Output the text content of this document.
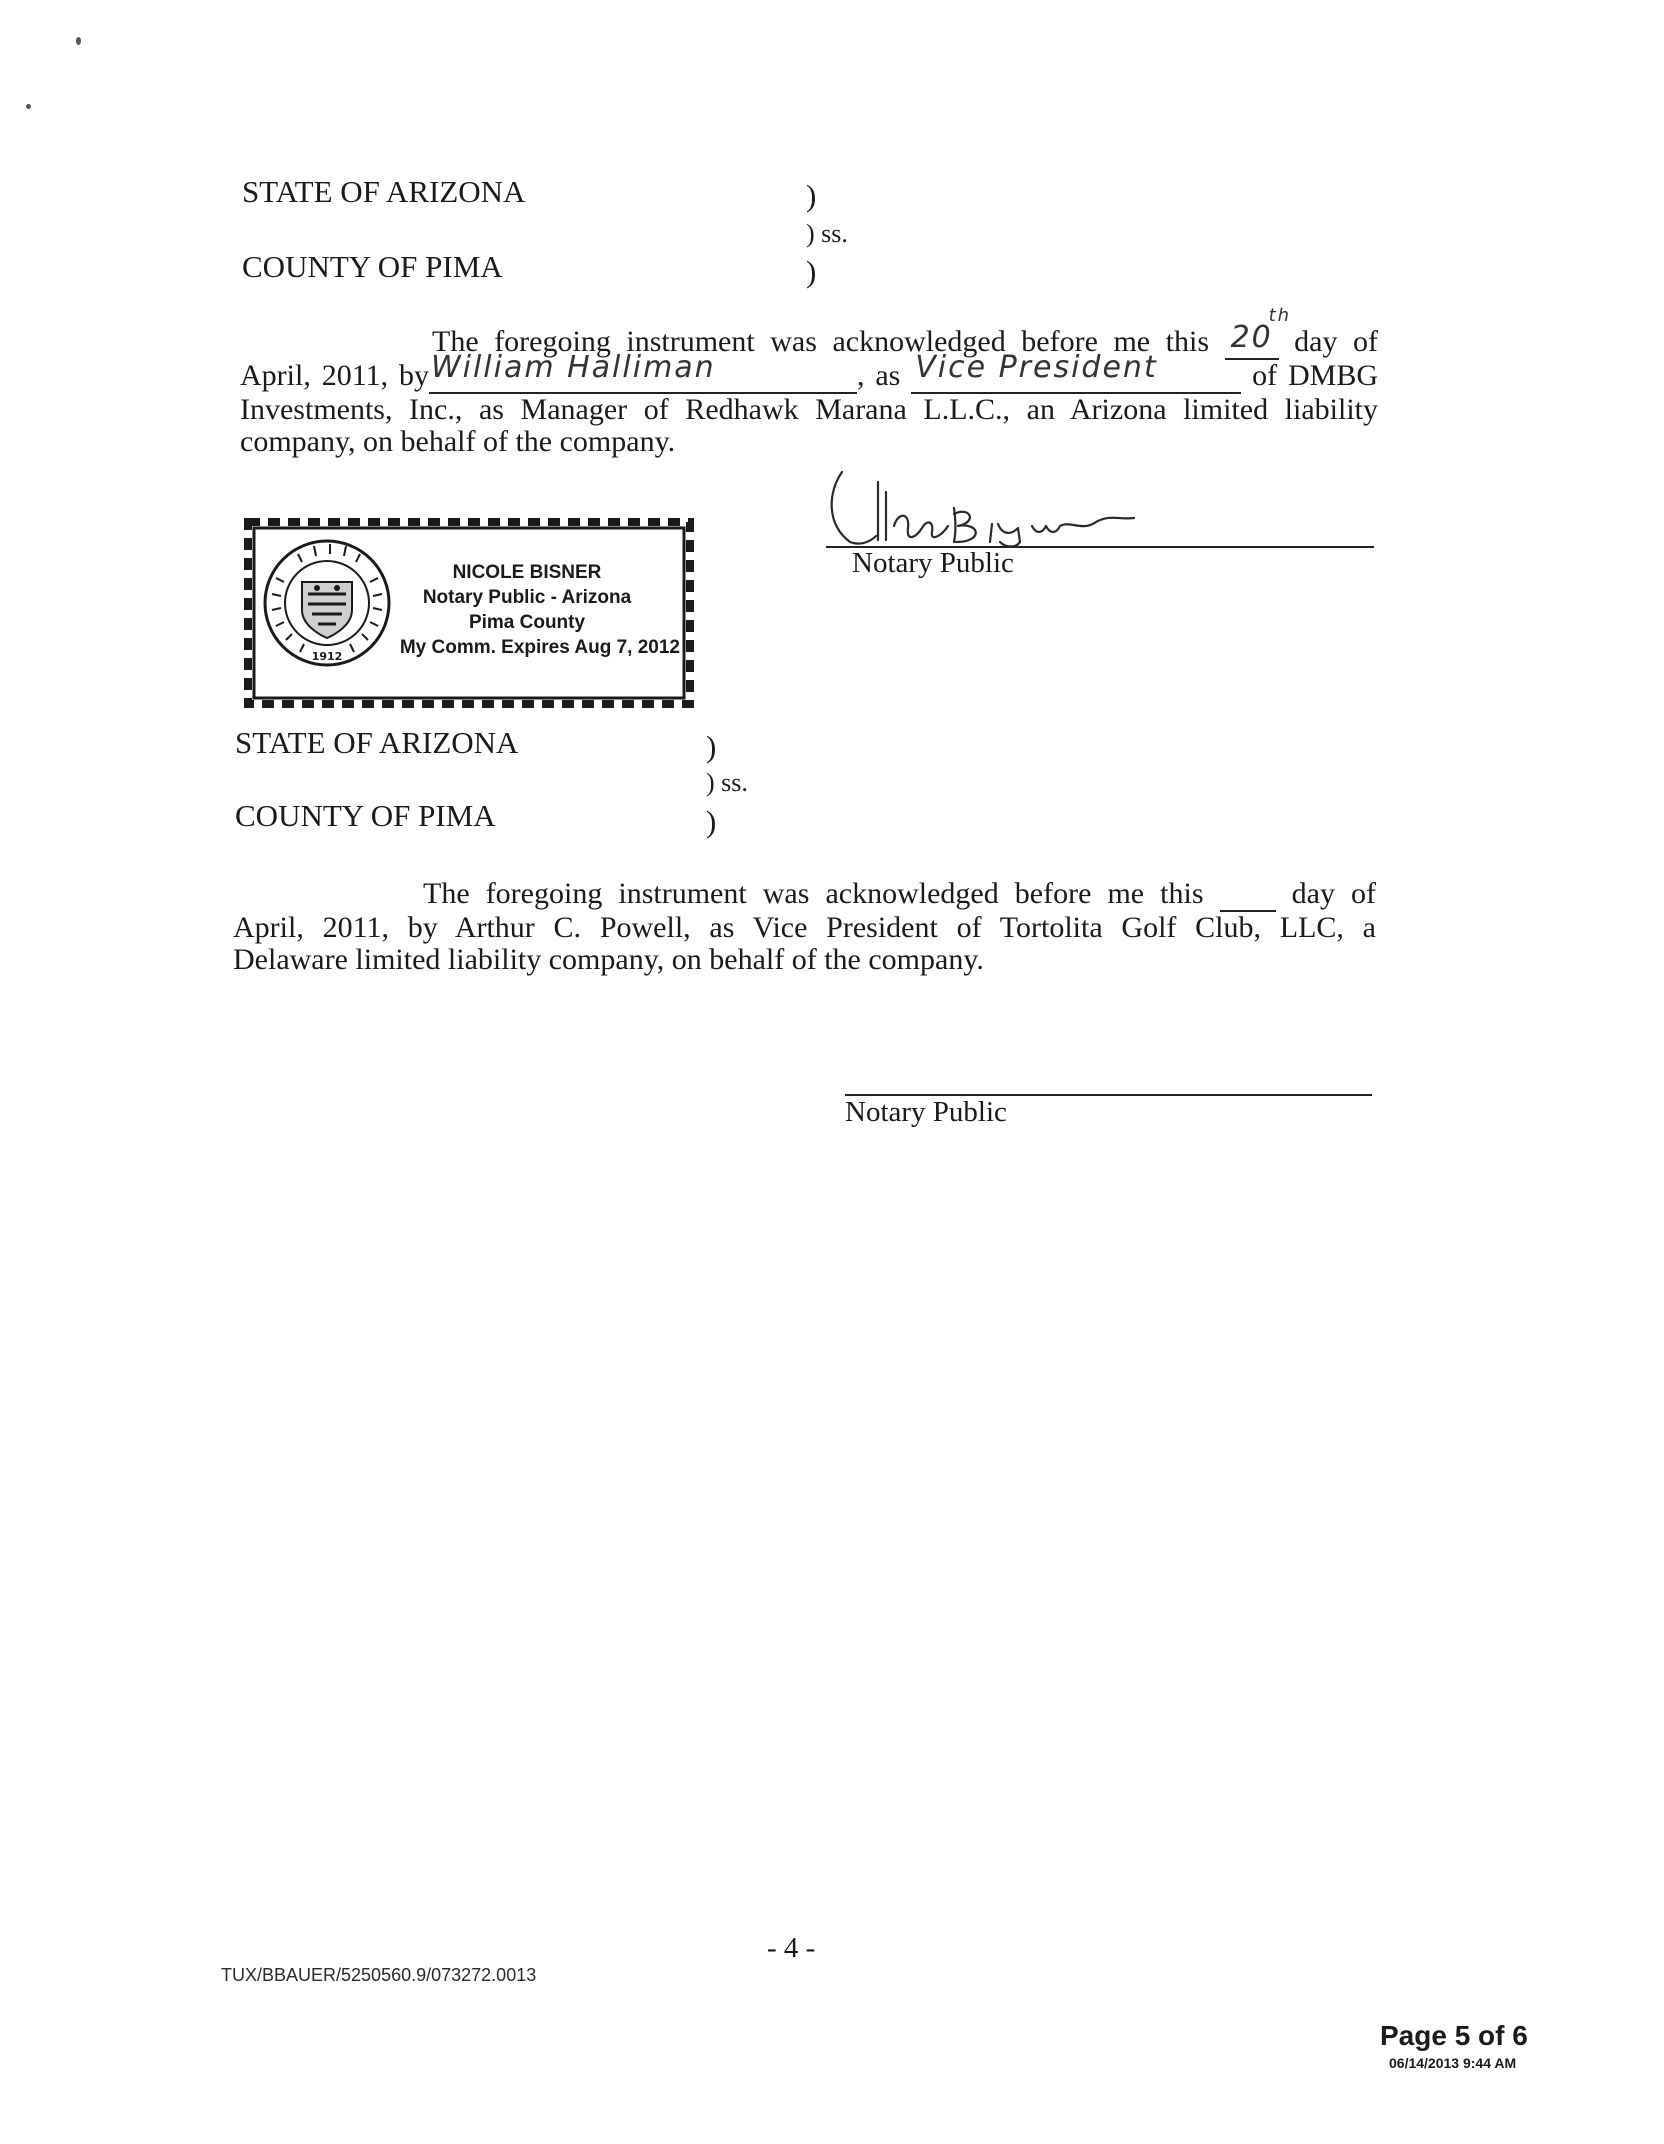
STATE OF ARIZONA
COUNTY OF PIMA
)
) ss.
)
The foregoing instrument was acknowledged before me this 20
th
day of
April, 2011, by William Halliman	, as Vice President	of DMBG
Investments, Inc., as Manager of Redhawk Marana L.L.C., an Arizona limited liability
company, on behalf of the company.
Notary Public
1912
NICOLE BISNER
Notary Public - Arizona
Pima County
My Comm. Expires Aug 7, 2012
STATE OF ARIZONA
COUNTY OF PIMA
)
) ss.
)
The foregoing instrument was acknowledged before me this	day of
April, 2011, by Arthur C. Powell, as Vice President of Tortolita Golf Club, LLC, a
Delaware limited liability company, on behalf of the company.
Notary Public
- 4 -
TUX/BBAUER/5250560.9/073272.0013
Page 5 of 6
06/14/2013 9:44 AM
